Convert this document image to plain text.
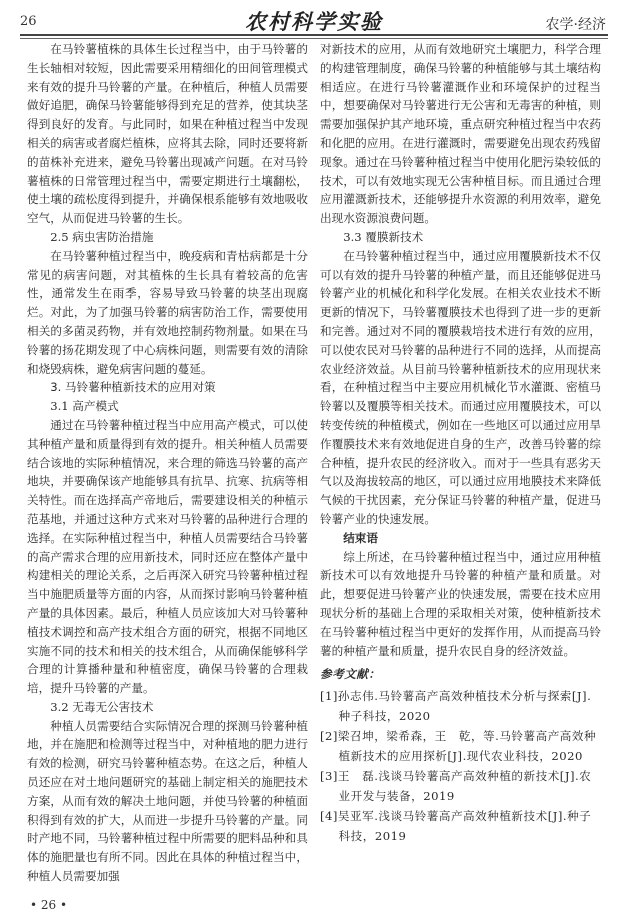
26	农村科学实验	农学·经济

在马铃薯植株的具体生长过程当中，由于马铃薯的生长轴相对较短，因此需要采用精细化的田间管理模式来有效的提升马铃薯的产量。在种植后，种植人员需要做好追肥，确保马铃薯能够得到充足的营养，使其块茎得到良好的发育。与此同时，如果在种植过程当中发现相关的病害或者腐烂植株，应将其去除，同时还要将新的苗株补充进来，避免马铃薯出现减产问题。在对马铃薯植株的日常管理过程当中，需要定期进行土壤翻松，使土壤的疏松度得到提升，并确保根系能够有效地吸收空气，从而促进马铃薯的生长。

2.5 病虫害防治措施

在马铃薯种植过程当中，晚疫病和青枯病都是十分常见的病害问题，对其植株的生长具有着较高的危害性，通常发生在雨季，容易导致马铃薯的块茎出现腐烂。对此，为了加强马铃薯的病害防治工作，需要使用相关的多菌灵药物，并有效地控制药物剂量。如果在马铃薯的扬花期发现了中心病株问题，则需要有效的清除和烧毁病株，避免病害问题的蔓延。

3. 马铃薯种植新技术的应用对策
3.1 高产模式

通过在马铃薯种植过程当中应用高产模式，可以使其种植产量和质量得到有效的提升。相关种植人员需要结合该地的实际种植情况，来合理的筛选马铃薯的高产地块，并要确保该产地能够具有抗旱、抗寒、抗病等相关特性。而在选择高产帝地后，需要建设相关的种植示范基地，并通过这种方式来对马铃薯的品种进行合理的选择。在实际种植过程当中，种植人员需要结合马铃薯的高产需求合理的应用新技术，同时还应在整体产量中构建相关的理论关系，之后再深入研究马铃薯种植过程当中施肥质量等方面的内容，从而探讨影响马铃薯种植产量的具体因素。最后，种植人员应该加大对马铃薯种植技术调控和高产技术组合方面的研究，根据不同地区实施不同的技术和相关的技术组合，从而确保能够科学合理的计算播种量和种植密度，确保马铃薯的合理栽培，提升马铃薯的产量。

3.2 无毒无公害技术

种植人员需要结合实际情况合理的探测马铃薯种植地，并在施肥和检测等过程当中，对种植地的肥力进行有效的检测，研究马铃薯种植态势。在这之后，种植人员还应在对土地问题研究的基础上制定相关的施肥技术方案，从而有效的解决土地问题，并使马铃薯的种植面积得到有效的扩大，从而进一步提升马铃薯的产量。同时产地不同，马铃薯种植过程中所需要的肥料品种和具体的施肥量也有所不同。因此在具体的种植过程当中，种植人员需要加强

对新技术的应用，从而有效地研究土壤肥力，科学合理的构建管理制度，确保马铃薯的种植能够与其土壤结构相适应。在进行马铃薯灌溉作业和环境保护的过程当中，想要确保对马铃薯进行无公害和无毒害的种植，则需要加强保护其产地环境，重点研究种植过程当中农药和化肥的应用。在进行灌溉时，需要避免出现农药残留现象。通过在马铃薯种植过程当中使用化肥污染较低的技术，可以有效地实现无公害种植目标。而且通过合理应用灌溉新技术，还能够提升水资源的利用效率，避免出现水资源浪费问题。

3.3 覆膜新技术

在马铃薯种植过程当中，通过应用覆膜新技术不仅可以有效的提升马铃薯的种植产量，而且还能够促进马铃薯产业的机械化和科学化发展。在相关农业技术不断更新的情况下，马铃薯覆膜技术也得到了进一步的更新和完善。通过对不同的覆膜栽培技术进行有效的应用，可以使农民对马铃薯的品种进行不同的选择，从而提高农业经济效益。从目前马铃薯种植新技术的应用现状来看，在种植过程当中主要应用机械化节水灌溉、密植马铃薯以及覆膜等相关技术。而通过应用覆膜技术，可以转变传统的种植模式，例如在一些地区可以通过应用旱作覆膜技术来有效地促进自身的生产，改善马铃薯的综合种植，提升农民的经济收入。而对于一些具有恶劣天气以及海拔较高的地区，可以通过应用地膜技术来降低气候的干扰因素，充分保证马铃薯的种植产量，促进马铃薯产业的快速发展。

结束语

综上所述，在马铃薯种植过程当中，通过应用种植新技术可以有效地提升马铃薯的种植产量和质量。对此，想要促进马铃薯产业的快速发展，需要在技术应用现状分析的基础上合理的采取相关对策，使种植新技术在马铃薯种植过程当中更好的发挥作用，从而提高马铃薯的种植产量和质量，提升农民自身的经济效益。

参考文献：
[1]孙志伟.马铃薯高产高效种植技术分析与探索[J].种子科技，2020
[2]梁召坤，梁希森，王　乾，等.马铃薯高产高效种植新技术的应用探析[J].现代农业科技，2020
[3]王　磊.浅谈马铃薯高产高效种植的新技术[J].农业开发与装备，2019
[4]吴亚军.浅谈马铃薯高产高效种植新技术[J].种子科技，2019
• 26 •
